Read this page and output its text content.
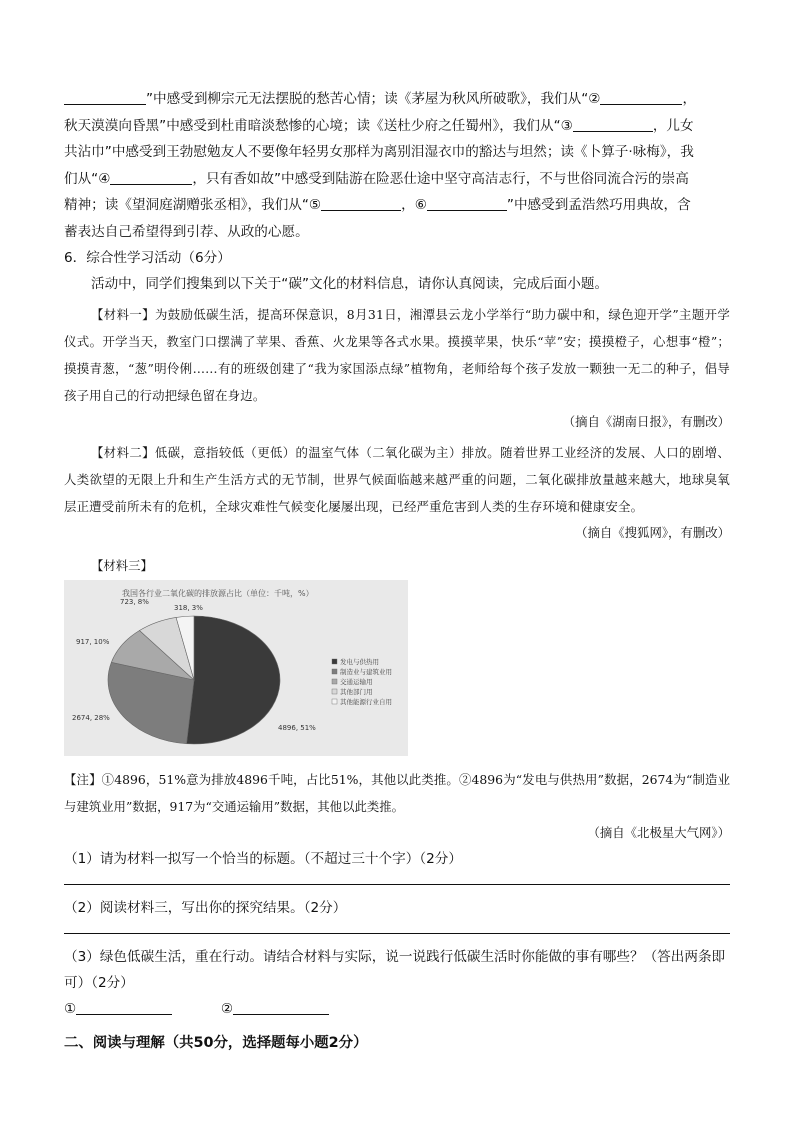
”中感受到柳宗元无法摆脱的愁苦心情；读《茅屋为秋风所破歌》，我们从“②	，

秋天漠漠向昏黑”中感受到杜甫暗淡愁惨的心境；读《送杜少府之任蜀州》，我们从“③	，儿女

共沾巾”中感受到王勃慰勉友人不要像年轻男女那样为离别泪湿衣巾的豁达与坦然；读《卜算子·咏梅》，我

们从“④	，只有香如故”中感受到陆游在险恶仕途中坚守高洁志行，不与世俗同流合污的崇高

精神；读《望洞庭湖赠张丞相》，我们从“⑤	，⑥	”中感受到孟浩然巧用典故，含

蓄表达自己希望得到引荐、从政的心愿。

6．综合性学习活动（6分）

活动中，同学们搜集到以下关于“碳”文化的材料信息，请你认真阅读，完成后面小题。

【材料一】为鼓励低碳生活，提高环保意识，8月31日，湘潭县云龙小学举行“助力碳中和，绿色迎开学”主题开学仪式。开学当天，教室门口摆满了苹果、香蕉、火龙果等各式水果。摸摸苹果，快乐“苹”安；摸摸橙子，心想事“橙”；摸摸青葱，“葱”明伶俐……有的班级创建了“我为家国添点绿”植物角，老师给每个孩子发放一颗独一无二的种子，倡导孩子用自己的行动把绿色留在身边。

（摘自《湖南日报》，有删改）

【材料二】低碳，意指较低（更低）的温室气体（二氧化碳为主）排放。随着世界工业经济的发展、人口的剧增、人类欲望的无限上升和生产生活方式的无节制，世界气候面临越来越严重的问题，二氧化碳排放量越来越大，地球臭氧层正遭受前所未有的危机，全球灾难性气候变化屡屡出现，已经严重危害到人类的生存环境和健康安全。

（摘自《搜狐网》，有删改）

【材料三】

我国各行业二氧化碳的排放源占比（单位：千吨，%）
4896, 51%
2674, 28%
917, 10%
723, 8%
318, 3%
发电与供热用
制造业与建筑业用
交通运输用
其他部门用
其他能源行业自用

【注】①4896，51%意为排放4896千吨，占比51%，其他以此类推。②4896为“发电与供热用”数据，2674为“制造业与建筑业用”数据，917为“交通运输用”数据，其他以此类推。

（摘自《北极星大气网》）

（1）请为材料一拟写一个恰当的标题。（不超过三十个字）（2分）

（2）阅读材料三，写出你的探究结果。（2分）

（3）绿色低碳生活，重在行动。请结合材料与实际，说一说践行低碳生活时你能做的事有哪些？（答出两条即可）（2分）

①	②

二、阅读与理解（共50分，选择题每小题2分）
